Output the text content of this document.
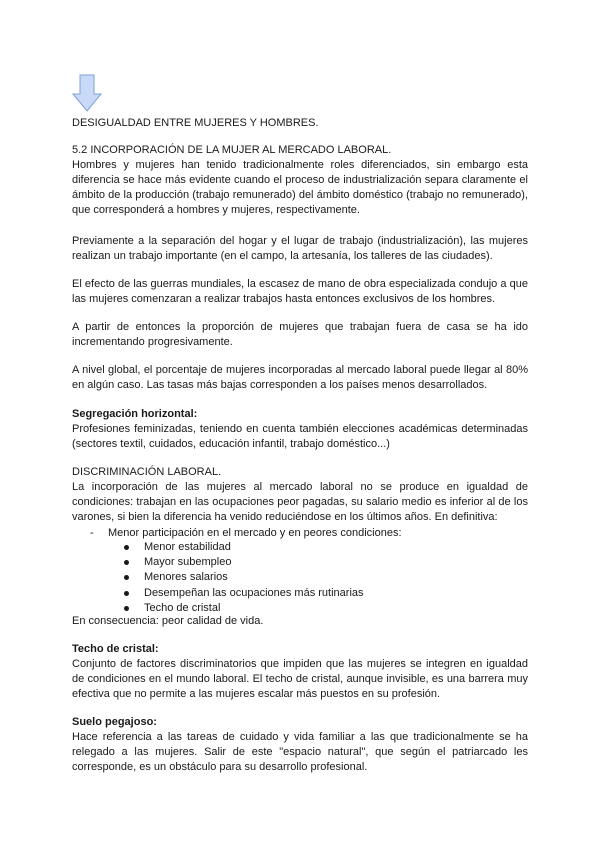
DESIGUALDAD ENTRE MUJERES Y HOMBRES.
5.2 INCORPORACIÓN DE LA MUJER AL MERCADO LABORAL.
Hombres y mujeres han tenido tradicionalmente roles diferenciados, sin embargo esta diferencia se hace más evidente cuando el proceso de industrialización separa claramente el ámbito de la producción (trabajo remunerado) del ámbito doméstico (trabajo no remunerado), que corresponderá a hombres y mujeres, respectivamente.
Previamente a la separación del hogar y el lugar de trabajo (industrialización), las mujeres realizan un trabajo importante (en el campo, la artesanía, los talleres de las ciudades).
El efecto de las guerras mundiales, la escasez de mano de obra especializada condujo a que las mujeres comenzaran a realizar trabajos hasta entonces exclusivos de los hombres.
A partir de entonces la proporción de mujeres que trabajan fuera de casa se ha ido incrementando progresivamente.
A nivel global, el porcentaje de mujeres incorporadas al mercado laboral puede llegar al 80% en algún caso. Las tasas más bajas corresponden a los países menos desarrollados.
Segregación horizontal:
Profesiones feminizadas, teniendo en cuenta también elecciones académicas determinadas (sectores textil, cuidados, educación infantil, trabajo doméstico...)
DISCRIMINACIÓN LABORAL.
La incorporación de las mujeres al mercado laboral no se produce en igualdad de condiciones: trabajan en las ocupaciones peor pagadas, su salario medio es inferior al de los varones, si bien la diferencia ha venido reduciéndose en los últimos años. En definitiva:
- Menor participación en el mercado y en peores condiciones:
Menor estabilidad
Mayor subempleo
Menores salarios
Desempeñan las ocupaciones más rutinarias
Techo de cristal
En consecuencia: peor calidad de vida.
Techo de cristal:
Conjunto de factores discriminatorios que impiden que las mujeres se integren en igualdad de condiciones en el mundo laboral. El techo de cristal, aunque invisible, es una barrera muy efectiva que no permite a las mujeres escalar más puestos en su profesión.
Suelo pegajoso:
Hace referencia a las tareas de cuidado y vida familiar a las que tradicionalmente se ha relegado a las mujeres. Salir de este "espacio natural", que según el patriarcado les corresponde, es un obstáculo para su desarrollo profesional.
